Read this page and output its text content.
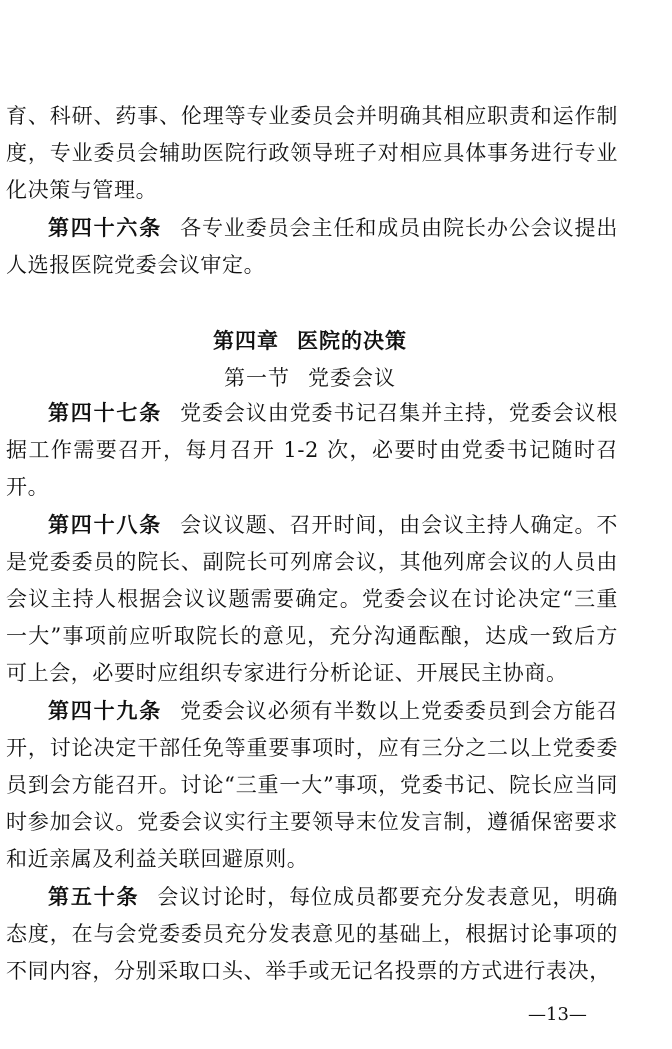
育、科研、药事、伦理等专业委员会并明确其相应职责和运作制度，专业委员会辅助医院行政领导班子对相应具体事务进行专业化决策与管理。
第四十六条 各专业委员会主任和成员由院长办公会议提出人选报医院党委会议审定。
第四章 医院的决策
第一节 党委会议
第四十七条 党委会议由党委书记召集并主持，党委会议根据工作需要召开，每月召开 1-2 次，必要时由党委书记随时召开。
第四十八条 会议议题、召开时间，由会议主持人确定。不是党委委员的院长、副院长可列席会议，其他列席会议的人员由会议主持人根据会议议题需要确定。党委会议在讨论决定“三重一大”事项前应听取院长的意见，充分沟通酝酿，达成一致后方可上会，必要时应组织专家进行分析论证、开展民主协商。
第四十九条 党委会议必须有半数以上党委委员到会方能召开，讨论决定干部任免等重要事项时，应有三分之二以上党委委员到会方能召开。讨论“三重一大”事项，党委书记、院长应当同时参加会议。党委会议实行主要领导末位发言制，遵循保密要求和近亲属及利益关联回避原则。
第五十条 会议讨论时，每位成员都要充分发表意见，明确态度，在与会党委委员充分发表意见的基础上，根据讨论事项的不同内容，分别采取口头、举手或无记名投票的方式进行表决，
—13—
